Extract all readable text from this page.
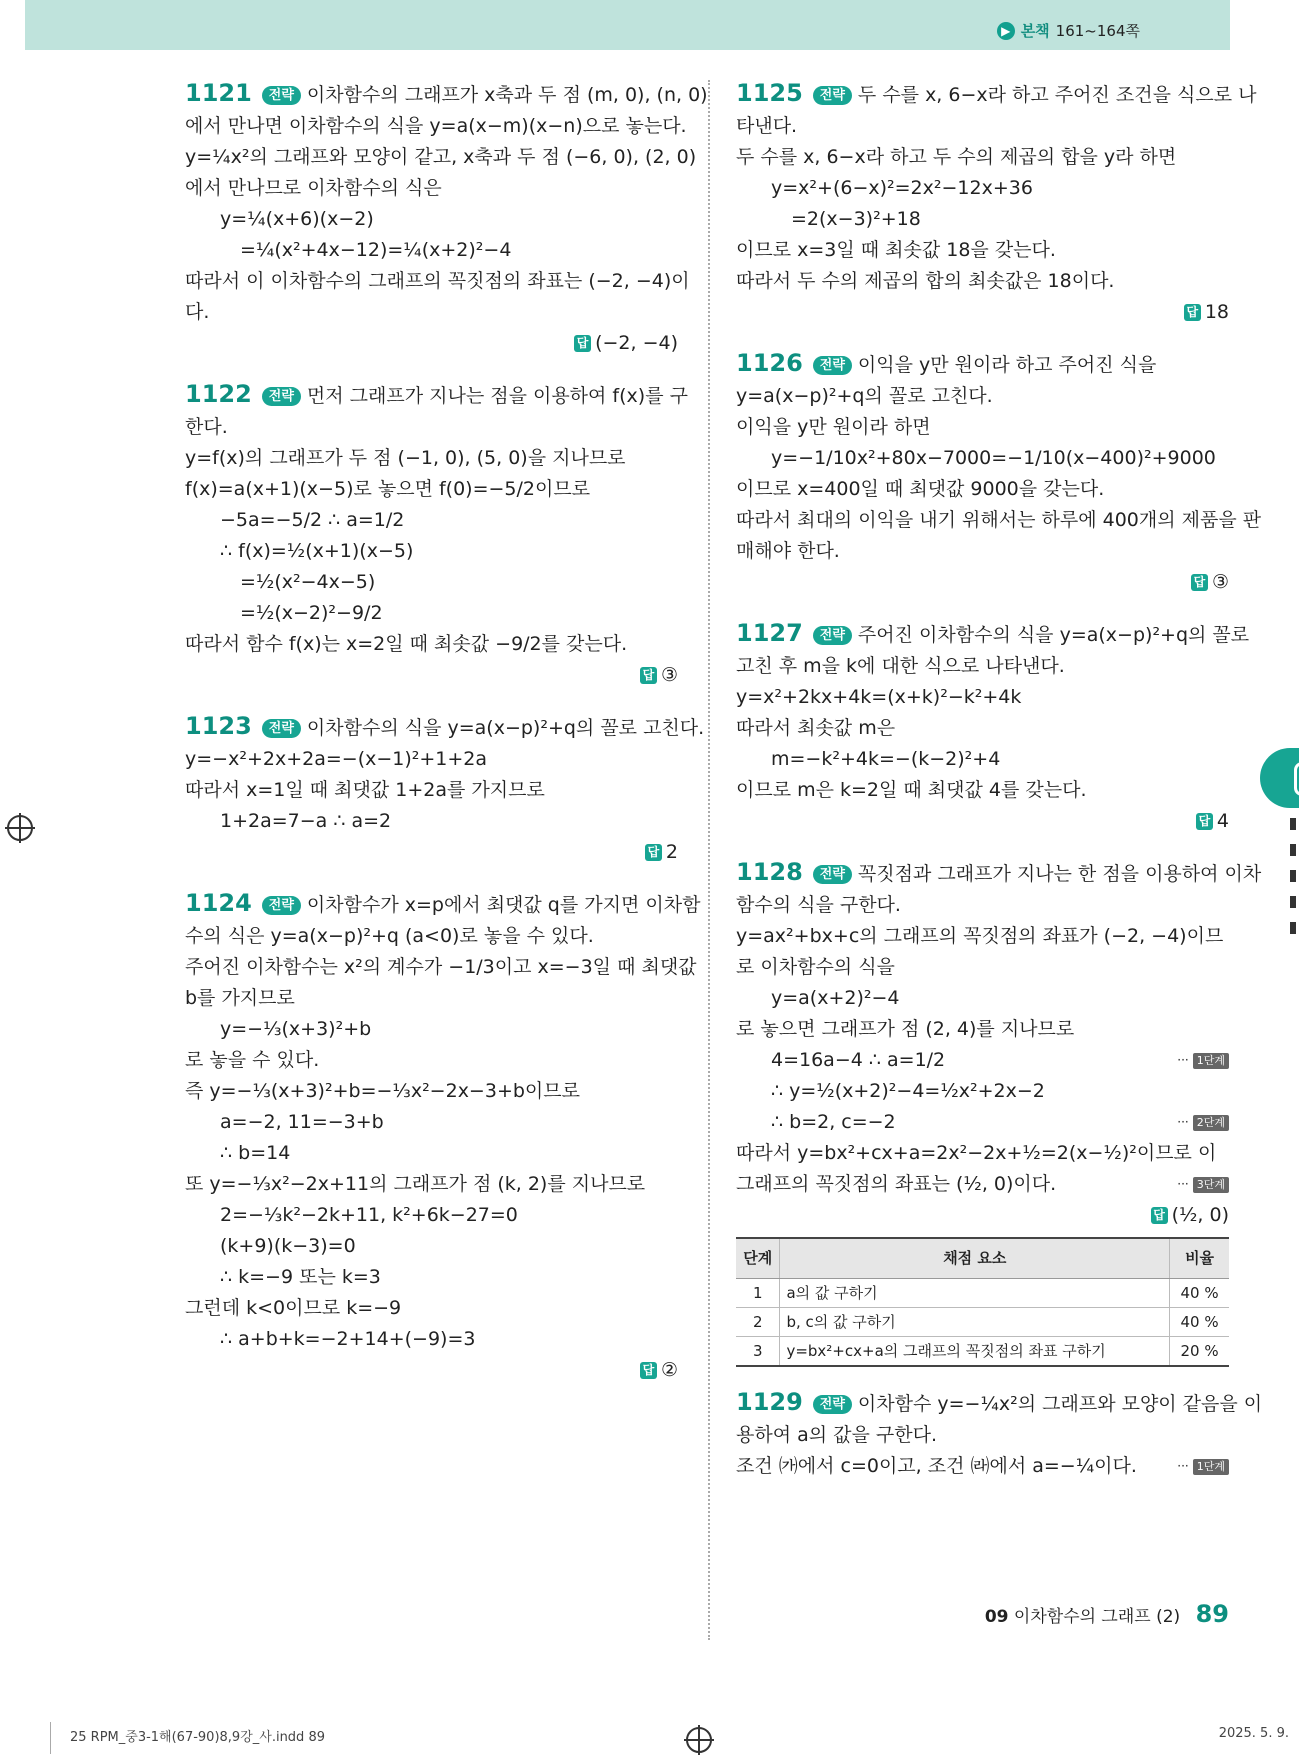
▶ 본책 161~164쪽
1121 전략 이차함수의 그래프가 x축과 두 점 (m, 0), (n, 0)
에서 만나면 이차함수의 식을 y=a(x−m)(x−n)으로 놓는다.
y=¼x²의 그래프와 모양이 같고, x축과 두 점 (−6, 0), (2, 0)
에서 만나므로 이차함수의 식은
y=¼(x+6)(x−2)
=¼(x²+4x−12)=¼(x+2)²−4
따라서 이 이차함수의 그래프의 꼭짓점의 좌표는 (−2, −4)이
다.
답 (−2, −4)
1122 전략 먼저 그래프가 지나는 점을 이용하여 f(x)를 구
한다.
y=f(x)의 그래프가 두 점 (−1, 0), (5, 0)을 지나므로
f(x)=a(x+1)(x−5)로 놓으면 f(0)=−5/2이므로
−5a=−5/2 ∴ a=1/2
∴ f(x)=½(x+1)(x−5)
=½(x²−4x−5)
=½(x−2)²−9/2
따라서 함수 f(x)는 x=2일 때 최솟값 −9/2를 갖는다.
답 ③
1123 전략 이차함수의 식을 y=a(x−p)²+q의 꼴로 고친다.
y=−x²+2x+2a=−(x−1)²+1+2a
따라서 x=1일 때 최댓값 1+2a를 가지므로
1+2a=7−a ∴ a=2
답 2
1124 전략 이차함수가 x=p에서 최댓값 q를 가지면 이차함
수의 식은 y=a(x−p)²+q (a<0)로 놓을 수 있다.
주어진 이차함수는 x²의 계수가 −1/3이고 x=−3일 때 최댓값
b를 가지므로
y=−⅓(x+3)²+b
로 놓을 수 있다.
즉 y=−⅓(x+3)²+b=−⅓x²−2x−3+b이므로
a=−2, 11=−3+b
∴ b=14
또 y=−⅓x²−2x+11의 그래프가 점 (k, 2)를 지나므로
2=−⅓k²−2k+11, k²+6k−27=0
(k+9)(k−3)=0
∴ k=−9 또는 k=3
그런데 k<0이므로 k=−9
∴ a+b+k=−2+14+(−9)=3
답 ②
1125 전략 두 수를 x, 6−x라 하고 주어진 조건을 식으로 나
타낸다.
두 수를 x, 6−x라 하고 두 수의 제곱의 합을 y라 하면
y=x²+(6−x)²=2x²−12x+36
=2(x−3)²+18
이므로 x=3일 때 최솟값 18을 갖는다.
따라서 두 수의 제곱의 합의 최솟값은 18이다.
답 18
1126 전략 이익을 y만 원이라 하고 주어진 식을
y=a(x−p)²+q의 꼴로 고친다.
이익을 y만 원이라 하면
y=−1/10x²+80x−7000=−1/10(x−400)²+9000
이므로 x=400일 때 최댓값 9000을 갖는다.
따라서 최대의 이익을 내기 위해서는 하루에 400개의 제품을 판
매해야 한다.
답 ③
1127 전략 주어진 이차함수의 식을 y=a(x−p)²+q의 꼴로
고친 후 m을 k에 대한 식으로 나타낸다.
y=x²+2kx+4k=(x+k)²−k²+4k
따라서 최솟값 m은
m=−k²+4k=−(k−2)²+4
이므로 m은 k=2일 때 최댓값 4를 갖는다.
답 4
1128 전략 꼭짓점과 그래프가 지나는 한 점을 이용하여 이차
함수의 식을 구한다.
y=ax²+bx+c의 그래프의 꼭짓점의 좌표가 (−2, −4)이므
로 이차함수의 식을
y=a(x+2)²−4
로 놓으면 그래프가 점 (2, 4)를 지나므로
4=16a−4 ∴ a=1/2	··· 1단계
∴ y=½(x+2)²−4=½x²+2x−2
∴ b=2, c=−2	··· 2단계
따라서 y=bx²+cx+a=2x²−2x+½=2(x−½)²이므로 이
그래프의 꼭짓점의 좌표는 (½, 0)이다.	··· 3단계
답 (½, 0)
단계	채점 요소	비율
1	a의 값 구하기	40 %
2	b, c의 값 구하기	40 %
3	y=bx²+cx+a의 그래프의 꼭짓점의 좌표 구하기	20 %
1129 전략 이차함수 y=−¼x²의 그래프와 모양이 같음을 이
용하여 a의 값을 구한다.
조건 ㈎에서 c=0이고, 조건 ㈑에서 a=−¼이다.	··· 1단계
09 이차함수의 그래프 (2) 89
25 RPM_중3-1해(67-90)8,9강_사.indd 89	2025. 5. 9.
